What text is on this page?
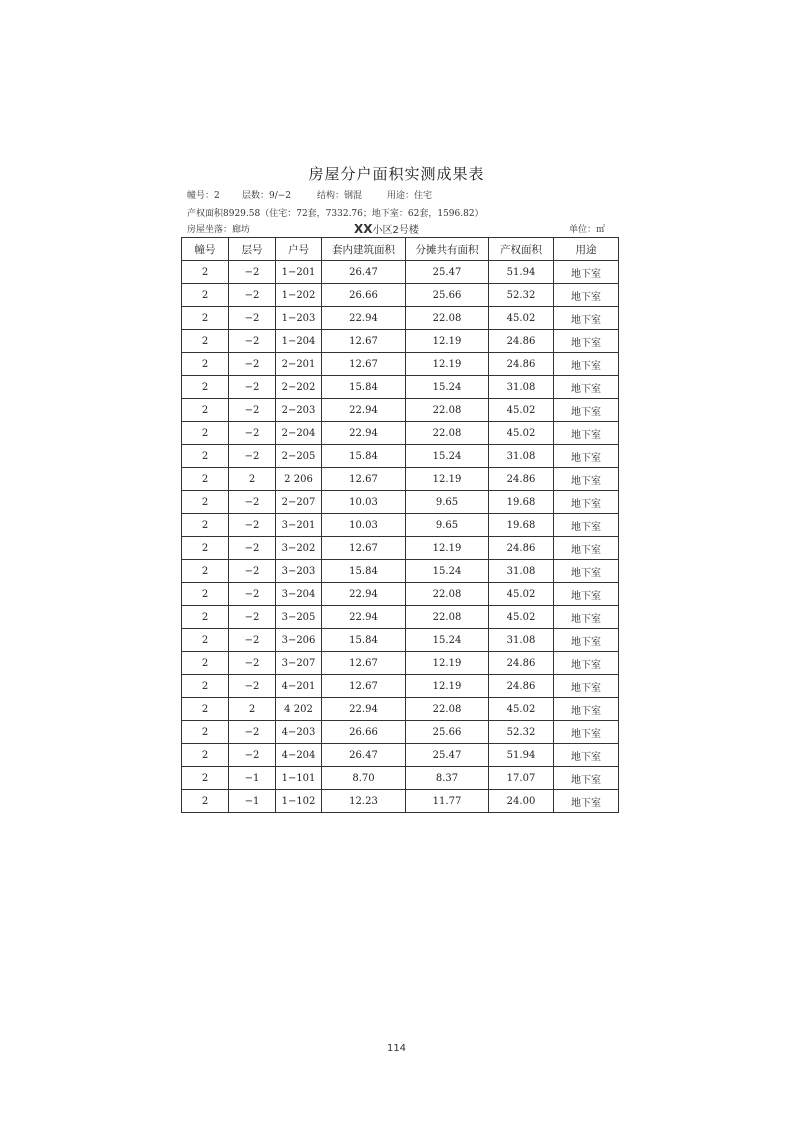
房屋分户面积实测成果表
幢号：2 层数：9/−2	结构：钢混	用途：住宅
产权面积8929.58（住宅：72套，7332.76；地下室：62套，1596.82）
房屋坐落：廊坊	XX小区2号楼	单位：㎡
幢号	层号	户号	套内建筑面积	分摊共有面积	产权面积	用途
2	−2	1−201	26.47	25.47	51.94	地下室
2	−2	1−202	26.66	25.66	52.32	地下室
2	−2	1−203	22.94	22.08	45.02	地下室
2	−2	1−204	12.67	12.19	24.86	地下室
2	−2	2−201	12.67	12.19	24.86	地下室
2	−2	2−202	15.84	15.24	31.08	地下室
2	−2	2−203	22.94	22.08	45.02	地下室
2	−2	2−204	22.94	22.08	45.02	地下室
2	−2	2−205	15.84	15.24	31.08	地下室
2	2	2 206	12.67	12.19	24.86	地下室
2	−2	2−207	10.03	9.65	19.68	地下室
2	−2	3−201	10.03	9.65	19.68	地下室
2	−2	3−202	12.67	12.19	24.86	地下室
2	−2	3−203	15.84	15.24	31.08	地下室
2	−2	3−204	22.94	22.08	45.02	地下室
2	−2	3−205	22.94	22.08	45.02	地下室
2	−2	3−206	15.84	15.24	31.08	地下室
2	−2	3−207	12.67	12.19	24.86	地下室
2	−2	4−201	12.67	12.19	24.86	地下室
2	2	4 202	22.94	22.08	45.02	地下室
2	−2	4−203	26.66	25.66	52.32	地下室
2	−2	4−204	26.47	25.47	51.94	地下室
2	−1	1−101	8.70	8.37	17.07	地下室
2	−1	1−102	12.23	11.77	24.00	地下室
114
